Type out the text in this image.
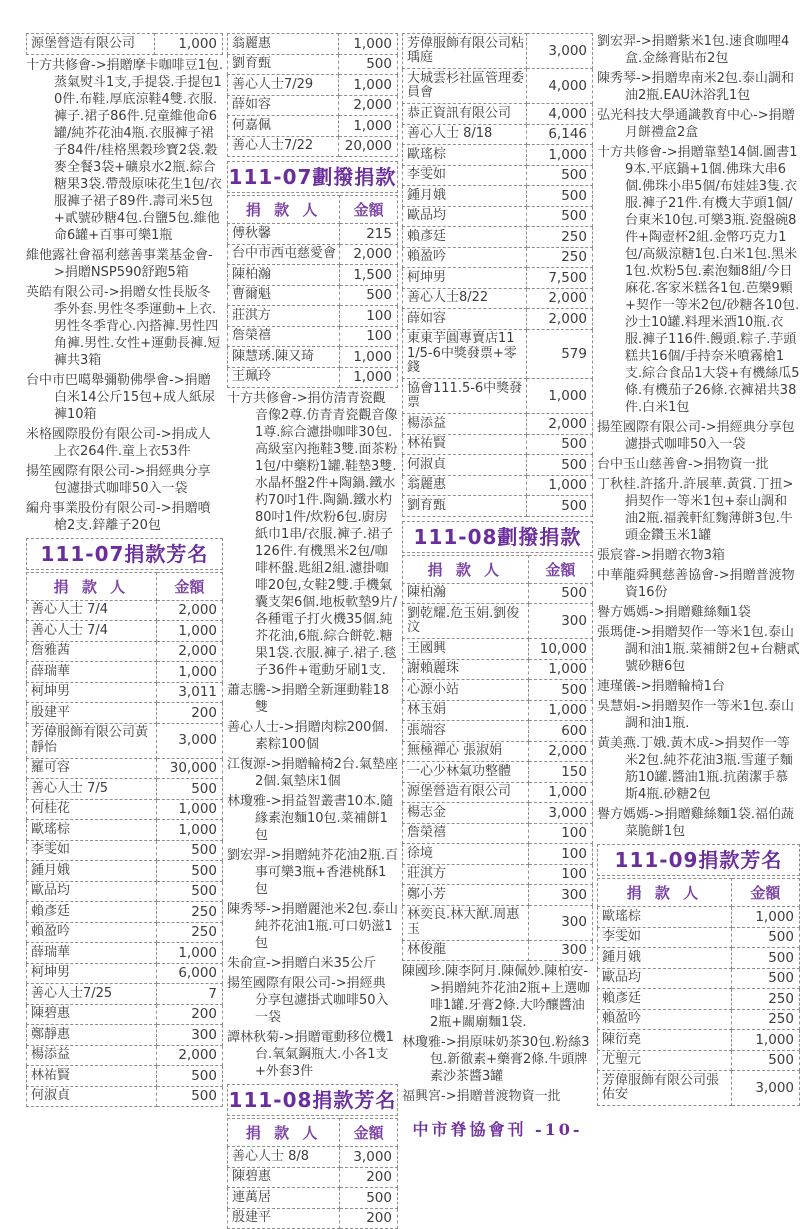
源堡營造有限公司	1,000
十方共修會->捐贈摩卡咖啡豆1包.蒸氣熨斗1支,手提袋.手提包10件.布鞋.厚底涼鞋4雙.衣服.褲子.裙子86件.兒童維他命6罐/純芥花油4瓶.衣服褲子裙子84件/桂格黑穀珍寶2袋.穀麥全餐3袋+礦泉水2瓶.綜合糖果3袋.帶殼原味花生1包/衣服褲子裙子89件.壽司米5包+貳號砂糖4包.台鹽5包.維他命6罐+百事可樂1瓶
維他露社會福利慈善事業基金會->捐贈NSP590舒跑5箱
英皓有限公司->捐贈女性長版冬季外套.男性冬季運動+上衣.男性冬季背心.內搭褲.男性四角褲.男性.女性+運動長褲.短褲共3箱
台中市巴噶舉彌勒佛學會->捐贈白米14公斤15包+成人紙尿褲10箱
米格國際股份有限公司->捐成人上衣264件.童上衣53件
揚笙國際有限公司->捐經典分享包濾掛式咖啡50入一袋
編舟事業股份有限公司->捐贈噴槍2支.鋅離子20包
111-07捐款芳名
捐 款 人	金額
善心人士 7/4	2,000
善心人士 7/4	1,000
詹雅茜	2,000
薛瑞華	1,000
柯坤男	3,011
殷建平	200
芳偉服飾有限公司黃靜怡	3,000
羅可容	30,000
善心人士 7/5	500
何桂花	1,000
歐瑤棕	1,000
李雯如	500
鍾月娥	500
歐品均	500
賴彥廷	250
賴盈吟	250
薛瑞華	1,000
柯坤男	6,000
善心人士7/25	7
陳碧惠	200
鄭靜惠	300
楊添益	2,000
林祐賢	500
何淑貞	500
翁麗惠	1,000
劉育甄	500
善心人士7/29	1,000
薛如容	2,000
何嘉佩	1,000
善心人士7/22	20,000
111-07劃撥捐款
捐 款 人	金額
傅秋馨	215
台中市西屯慈愛會	2,000
陳柏瀚	1,500
曹爾魁	500
莊淇方	100
詹榮禧	100
陳慧琇.陳又琦	1,000
王珮玲	1,000
十方共修會->捐仿清青瓷觀音像2尊.仿青青瓷觀音像1尊.綜合濾掛咖啡30包.高級室內拖鞋3雙.面茶粉1包/中藥粉1罐.鞋墊3雙.水晶杯盤2件+陶鍋.鐵水杓70吋1件.陶鍋.鐵水杓80吋1件/炊粉6包.廚房紙巾1串/衣服.褲子.裙子126件.有機黑米2包/咖啡杯盤.匙組2組.濾掛咖啡20包,女鞋2雙.手機氣囊支架6個.地板軟墊9片/各種電子打火機35個.純芥花油,6瓶.綜合餅乾.糖果1袋.衣服.褲子.裙子.毯子36件+電動牙刷1支.
蕭志騰->捐贈全新運動鞋18雙
善心人士->捐贈肉粽200個.素粽100個
江復源->捐贈輪椅2台.氣墊座2個.氣墊床1個
林瓊雅->捐益智叢書10本.隨緣素泡麵10包.菜補餅1包
劉宏羿->捐贈純芥花油2瓶.百事可樂3瓶+香港桃酥1包
陳秀琴->捐贈麗池米2包.泰山純芥花油1瓶.可口奶滋1包
朱俞宣->捐贈白米35公斤
揚笙國際有限公司->捐經典分享包濾掛式咖啡50入一袋
譚林秋菊->捐贈電動移位機1台.氧氣鋼瓶大.小各1支+外套3件
111-08捐款芳名
捐 款 人	金額
善心人士 8/8	3,000
陳碧惠	200
連萬居	500
殷建平	200
芳偉服飾有限公司粘瑀庭	3,000
大城雲杉社區管理委員會	4,000
恭正資訊有限公司	4,000
善心人士 8/18	6,146
歐瑤棕	1,000
李雯如	500
鍾月娥	500
歐品均	500
賴彥廷	250
賴盈吟	250
柯坤男	7,500
善心人士8/22	2,000
薛如容	2,000
東東芋圓專賣店111/5-6中獎發票+零錢	579
協會111.5-6中獎發票	1,000
楊添益	2,000
林祐賢	500
何淑貞	500
翁麗惠	1,000
劉育甄	500
111-08劃撥捐款
捐 款 人	金額
陳柏瀚	500
劉乾耀.危玉娟.劉俊汶	300
王國興	10,000
謝賴麗珠	1,000
心源小站	500
林玉娟	1,000
張端容	600
無極禪心 張淑娟	2,000
一心少林氣功整體	150
源堡營造有限公司	1,000
楊志金	3,000
詹榮禧	100
徐境	100
莊淇方	100
鄭小芳	300
林奕良.林大猷.周惠玉	300
林俊龍	300
陳國珍.陳李阿月.陳佩妙.陳柏安->捐贈純芥花油2瓶+上選咖啡1罐.牙膏2條.大吟釀醬油2瓶+關廟麵1袋.
林瓊雅->捐原味奶茶30包.粉絲3包.新徹素+藥膏2條.牛頭牌素沙茶醬3罐
福興宮->捐贈普渡物資一批
中市脊協會刊 -10-
劉宏羿->捐贈紫米1包.速食咖哩4盒.金絲膏貼布2包
陳秀琴->捐贈卑南米2包.泰山調和油2瓶.EAU沐浴乳1包
弘光科技大學通識教育中心->捐贈月餅禮盒2盒
十方共修會->捐贈靠墊14個.圖書19本.平底鍋+1個.佛珠大串6個.佛珠小串5個/布娃娃3隻.衣服.褲子21件.有機大芋頭1個/台東米10包.可樂3瓶.瓷盤碗8件+陶壺杯2組.金幣巧克力1包/高級涼糖1包.白米1包.黑米1包.炊粉5包.素泡麵8組/今日麻花.客家米糕各1包.芭樂9顆+契作一等米2包/砂糖各10包.沙士10罐.料理米酒10瓶.衣服.褲子116件.饅頭.粽子.芋頭糕共16個/手持奈米噴霧槍1支.綜合食品1大袋+有機絲瓜5條.有機茄子26條.衣褲裙共38件.白米1包
揚笙國際有限公司->捐經典分享包濾掛式咖啡50入一袋
台中玉山慈善會->捐物資一批
丁秋桂.許搖升.許展華.黃賞.丁扭>捐契作一等米1包+泰山調和油2瓶.福義軒紅麴薄餅3包.牛頭金鑽玉米1罐
張宸睿->捐贈衣物3箱
中華龍舜興慈善協會->捐贈普渡物資16份
譽方媽媽->捐贈雞絲麵1袋
張瑪倢->捐贈契作一等米1包.泰山調和油1瓶.菜補餅2包+台糖貳號砂糖6包
連瑾儀->捐贈輪椅1台
吳慧娟->捐贈契作一等米1包.泰山調和油1瓶.
黃美燕.丁娥.黃木成->捐契作一等米2包.純芥花油3瓶.雪蓮子麵筋10罐.醬油1瓶.抗菌潔手慕斯4瓶.砂糖2包
譽方媽媽->捐贈雞絲麵1袋.福伯蔬菜脆餅1包
111-09捐款芳名
捐 款 人	金額
歐瑤棕	1,000
李雯如	500
鍾月娥	500
歐品均	500
賴彥廷	250
賴盈吟	250
陳衍堯	1,000
尤聖元	500
芳偉服飾有限公司張佑安	3,000
